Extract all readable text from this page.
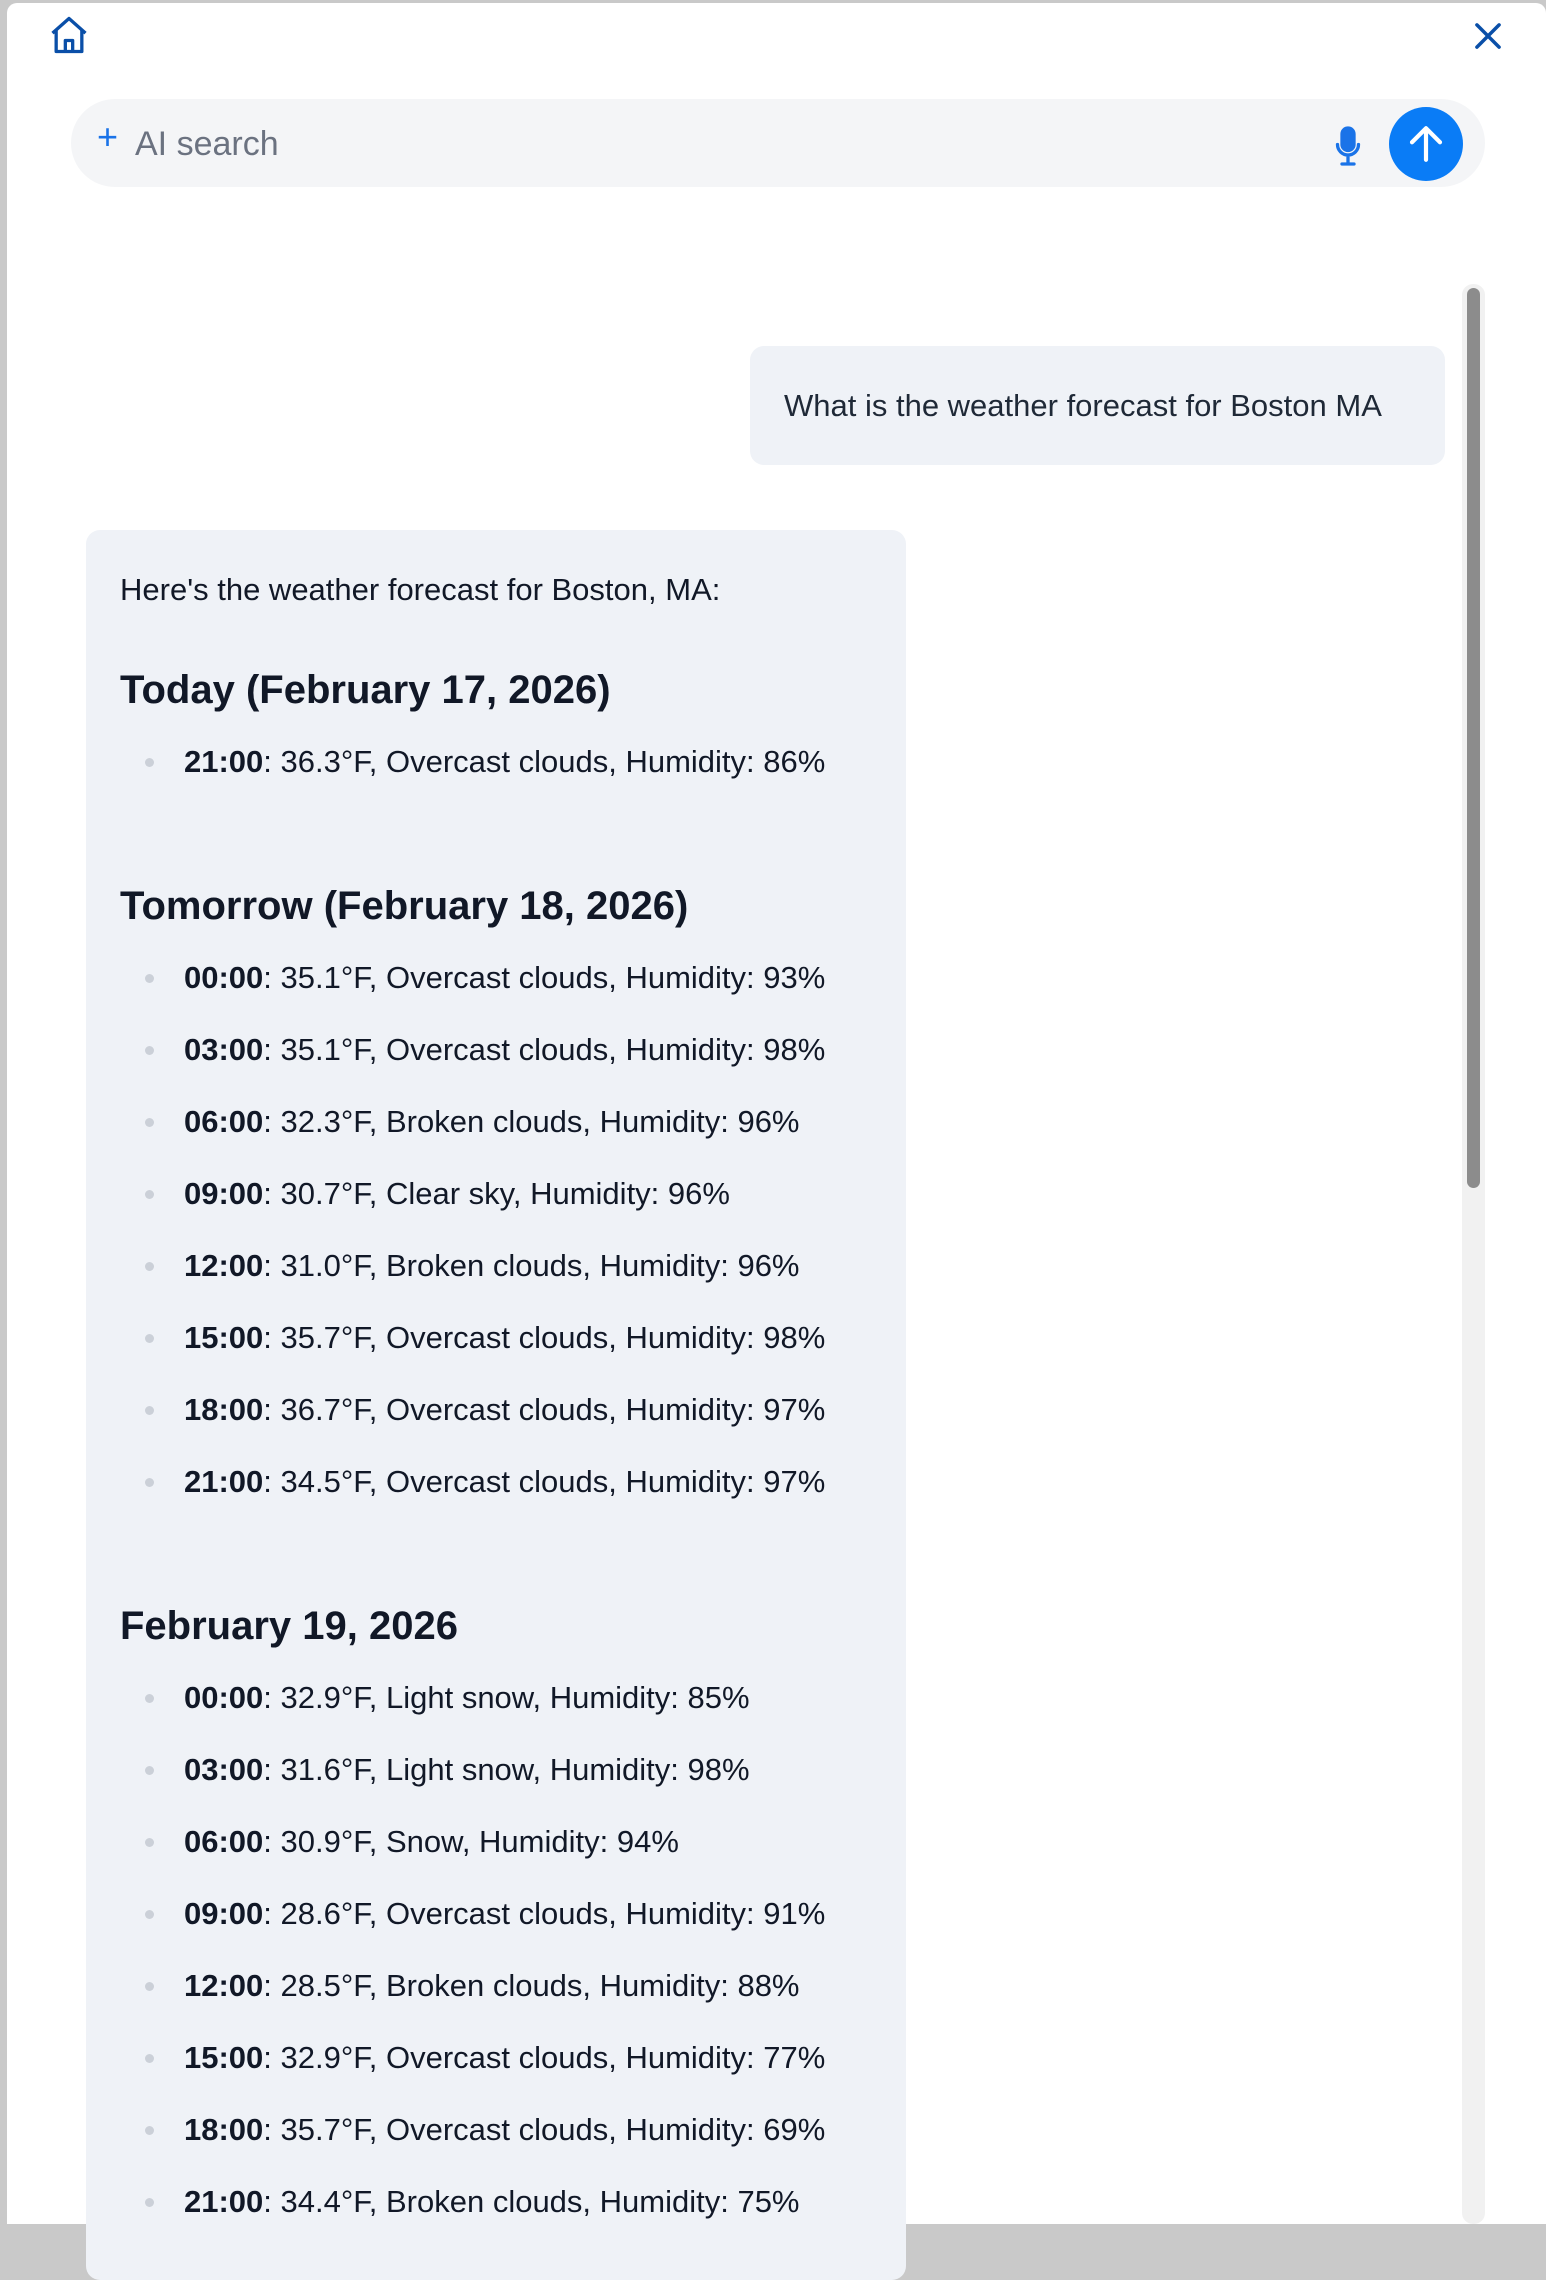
+
AI search
What is the weather forecast for Boston MA

Here's the weather forecast for Boston, MA:

Today (February 17, 2026)
21:00: 36.3°F, Overcast clouds, Humidity: 86%
Tomorrow (February 18, 2026)
00:00: 35.1°F, Overcast clouds, Humidity: 93%
03:00: 35.1°F, Overcast clouds, Humidity: 98%
06:00: 32.3°F, Broken clouds, Humidity: 96%
09:00: 30.7°F, Clear sky, Humidity: 96%
12:00: 31.0°F, Broken clouds, Humidity: 96%
15:00: 35.7°F, Overcast clouds, Humidity: 98%
18:00: 36.7°F, Overcast clouds, Humidity: 97%
21:00: 34.5°F, Overcast clouds, Humidity: 97%
February 19, 2026
00:00: 32.9°F, Light snow, Humidity: 85%
03:00: 31.6°F, Light snow, Humidity: 98%
06:00: 30.9°F, Snow, Humidity: 94%
09:00: 28.6°F, Overcast clouds, Humidity: 91%
12:00: 28.5°F, Broken clouds, Humidity: 88%
15:00: 32.9°F, Overcast clouds, Humidity: 77%
18:00: 35.7°F, Overcast clouds, Humidity: 69%
21:00: 34.4°F, Broken clouds, Humidity: 75%
